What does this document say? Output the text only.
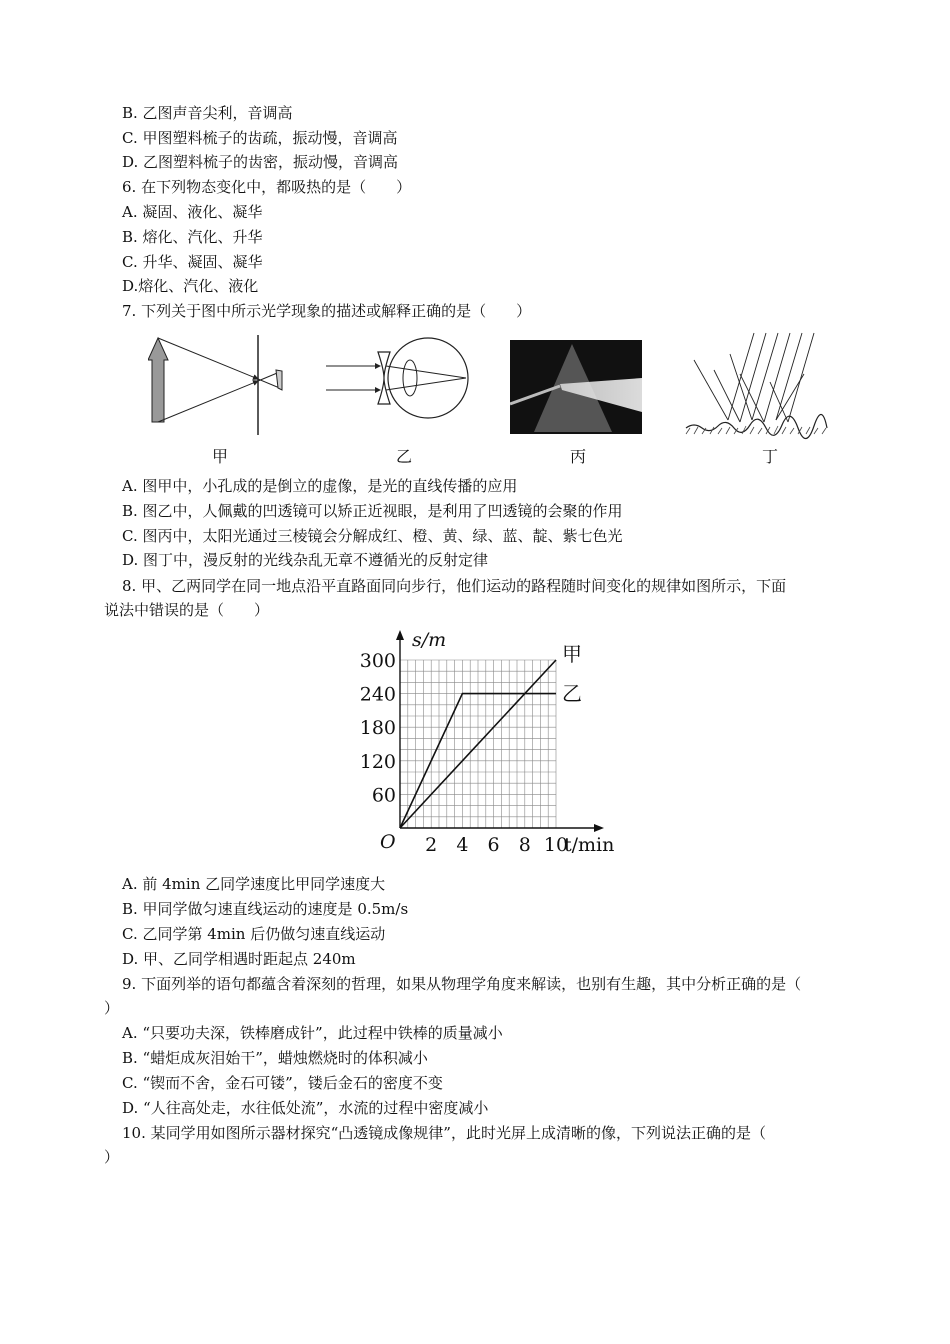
B. 乙图声音尖利，音调高
C. 甲图塑料梳子的齿疏，振动慢，音调高
D. 乙图塑料梳子的齿密，振动慢，音调高
6. 在下列物态变化中，都吸热的是（　　）
A. 凝固、液化、凝华
B. 熔化、汽化、升华
C. 升华、凝固、凝华
D.熔化、汽化、液化
7. 下列关于图中所示光学现象的描述或解释正确的是（　　）
甲	乙	丙	丁
A. 图甲中，小孔成的是倒立的虚像，是光的直线传播的应用
B. 图乙中，人佩戴的凹透镜可以矫正近视眼，是利用了凹透镜的会聚的作用
C. 图丙中，太阳光通过三棱镜会分解成红、橙、黄、绿、蓝、靛、紫七色光
D. 图丁中，漫反射的光线杂乱无章不遵循光的反射定律
8. 甲、乙两同学在同一地点沿平直路面同向步行，他们运动的路程随时间变化的规律如图所示，下面
说法中错误的是（　　）
s/m
O 2 4 6 8 10
t/min
60
120
180
240
300	甲
乙
A. 前 4min 乙同学速度比甲同学速度大
B. 甲同学做匀速直线运动的速度是 0.5m/s
C. 乙同学第 4min 后仍做匀速直线运动
D. 甲、乙同学相遇时距起点 240m
9. 下面列举的语句都蕴含着深刻的哲理，如果从物理学角度来解读，也别有生趣，其中分析正确的是（
）
A. “只要功夫深，铁棒磨成针”，此过程中铁棒的质量减小
B. “蜡炬成灰泪始干”，蜡烛燃烧时的体积减小
C. “锲而不舍，金石可镂”，镂后金石的密度不变
D. “人往高处走，水往低处流”，水流的过程中密度减小
10. 某同学用如图所示器材探究“凸透镜成像规律”，此时光屏上成清晰的像，下列说法正确的是（
）
